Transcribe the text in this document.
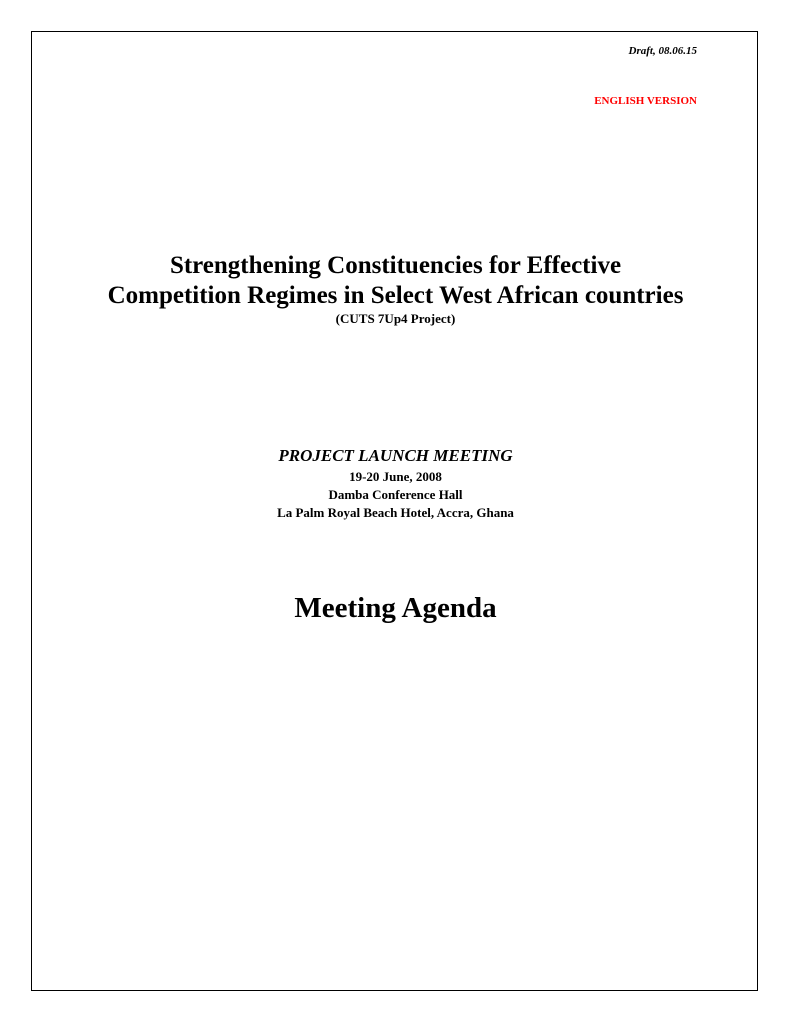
Draft, 08.06.15
ENGLISH VERSION
Strengthening Constituencies for Effective
Competition Regimes in Select West African countries
(CUTS 7Up4 Project)
PROJECT LAUNCH MEETING
19-20 June, 2008
Damba Conference Hall
La Palm Royal Beach Hotel, Accra, Ghana
Meeting Agenda
